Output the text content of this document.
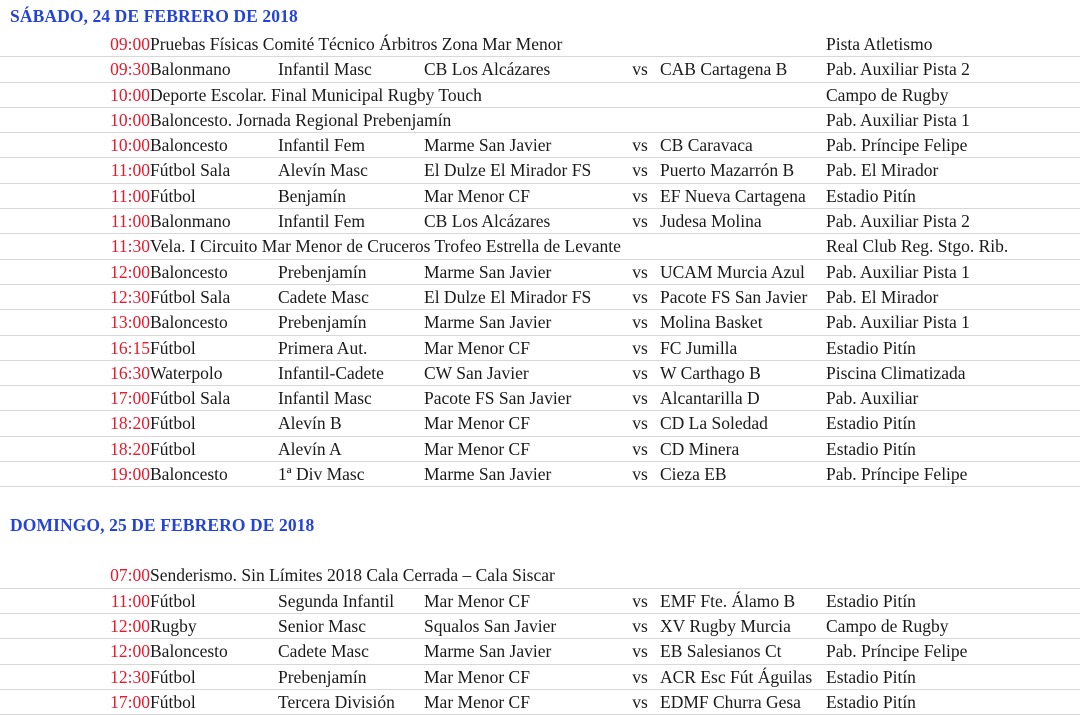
SÁBADO, 24 DE FEBRERO DE 2018						
09:00	Pruebas Físicas Comité Técnico Árbitros Zona Mar Menor					Pista Atletismo
09:30	Balonmano	Infantil Masc	CB Los Alcázares	vs	CAB Cartagena B	Pab. Auxiliar Pista 2
10:00	Deporte Escolar. Final Municipal Rugby Touch					Campo de Rugby
10:00	Baloncesto. Jornada Regional Prebenjamín					Pab. Auxiliar Pista 1
10:00	Baloncesto	Infantil Fem	Marme San Javier	vs	CB Caravaca	Pab. Príncipe Felipe
11:00	Fútbol Sala	Alevín Masc	El Dulze El Mirador FS	vs	Puerto Mazarrón B	Pab. El Mirador
11:00	Fútbol	Benjamín	Mar Menor CF	vs	EF Nueva Cartagena	Estadio Pitín
11:00	Balonmano	Infantil Fem	CB Los Alcázares	vs	Judesa Molina	Pab. Auxiliar Pista 2
11:30	Vela. I Circuito Mar Menor de Cruceros Trofeo Estrella de Levante					Real Club Reg. Stgo. Rib.
12:00	Baloncesto	Prebenjamín	Marme San Javier	vs	UCAM Murcia Azul	Pab. Auxiliar Pista 1
12:30	Fútbol Sala	Cadete Masc	El Dulze El Mirador FS	vs	Pacote FS San Javier	Pab. El Mirador
13:00	Baloncesto	Prebenjamín	Marme San Javier	vs	Molina Basket	Pab. Auxiliar Pista 1
16:15	Fútbol	Primera Aut.	Mar Menor CF	vs	FC Jumilla	Estadio Pitín
16:30	Waterpolo	Infantil-Cadete	CW San Javier	vs	W Carthago B	Piscina Climatizada
17:00	Fútbol Sala	Infantil Masc	Pacote FS San Javier	vs	Alcantarilla D	Pab. Auxiliar
18:20	Fútbol	Alevín B	Mar Menor CF	vs	CD La Soledad	Estadio Pitín
18:20	Fútbol	Alevín A	Mar Menor CF	vs	CD Minera	Estadio Pitín
19:00	Baloncesto	1ª Div Masc	Marme San Javier	vs	Cieza EB	Pab. Príncipe Felipe
DOMINGO, 25 DE FEBRERO DE 2018						
07:00	Senderismo. Sin Límites 2018 Cala Cerrada – Cala Siscar					
11:00	Fútbol	Segunda Infantil	Mar Menor CF	vs	EMF Fte. Álamo B	Estadio Pitín
12:00	Rugby	Senior Masc	Squalos San Javier	vs	XV Rugby Murcia	Campo de Rugby
12:00	Baloncesto	Cadete Masc	Marme San Javier	vs	EB Salesianos Ct	Pab. Príncipe Felipe
12:30	Fútbol	Prebenjamín	Mar Menor CF	vs	ACR Esc Fút Águilas	Estadio Pitín
17:00	Fútbol	Tercera División	Mar Menor CF	vs	EDMF Churra Gesa	Estadio Pitín
